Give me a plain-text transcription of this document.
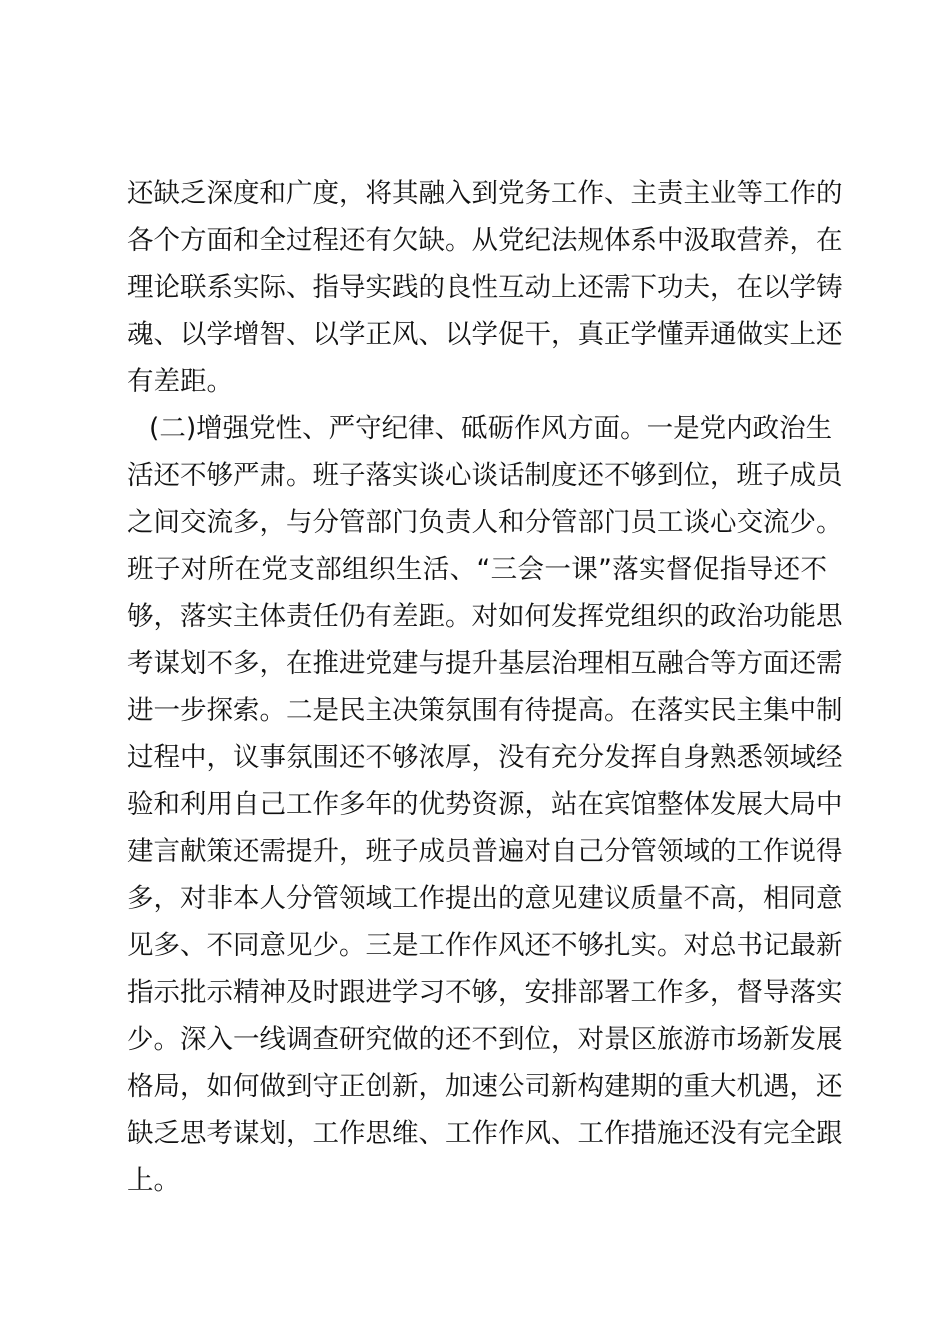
还缺乏深度和广度，将其融入到党务工作、主责主业等工作的
各个方面和全过程还有欠缺。从党纪法规体系中汲取营养，在
理论联系实际、指导实践的良性互动上还需下功夫，在以学铸
魂、以学增智、以学正风、以学促干，真正学懂弄通做实上还
有差距。
(二)增强党性、严守纪律、砥砺作风方面。一是党内政治生
活还不够严肃。班子落实谈心谈话制度还不够到位，班子成员
之间交流多，与分管部门负责人和分管部门员工谈心交流少。
班子对所在党支部组织生活、“三会一课”落实督促指导还不
够，落实主体责任仍有差距。对如何发挥党组织的政治功能思
考谋划不多，在推进党建与提升基层治理相互融合等方面还需
进一步探索。二是民主决策氛围有待提高。在落实民主集中制
过程中，议事氛围还不够浓厚，没有充分发挥自身熟悉领域经
验和利用自己工作多年的优势资源，站在宾馆整体发展大局中
建言献策还需提升，班子成员普遍对自己分管领域的工作说得
多，对非本人分管领域工作提出的意见建议质量不高，相同意
见多、不同意见少。三是工作作风还不够扎实。对总书记最新
指示批示精神及时跟进学习不够，安排部署工作多，督导落实
少。深入一线调查研究做的还不到位，对景区旅游市场新发展
格局，如何做到守正创新，加速公司新构建期的重大机遇，还
缺乏思考谋划，工作思维、工作作风、工作措施还没有完全跟
上。
